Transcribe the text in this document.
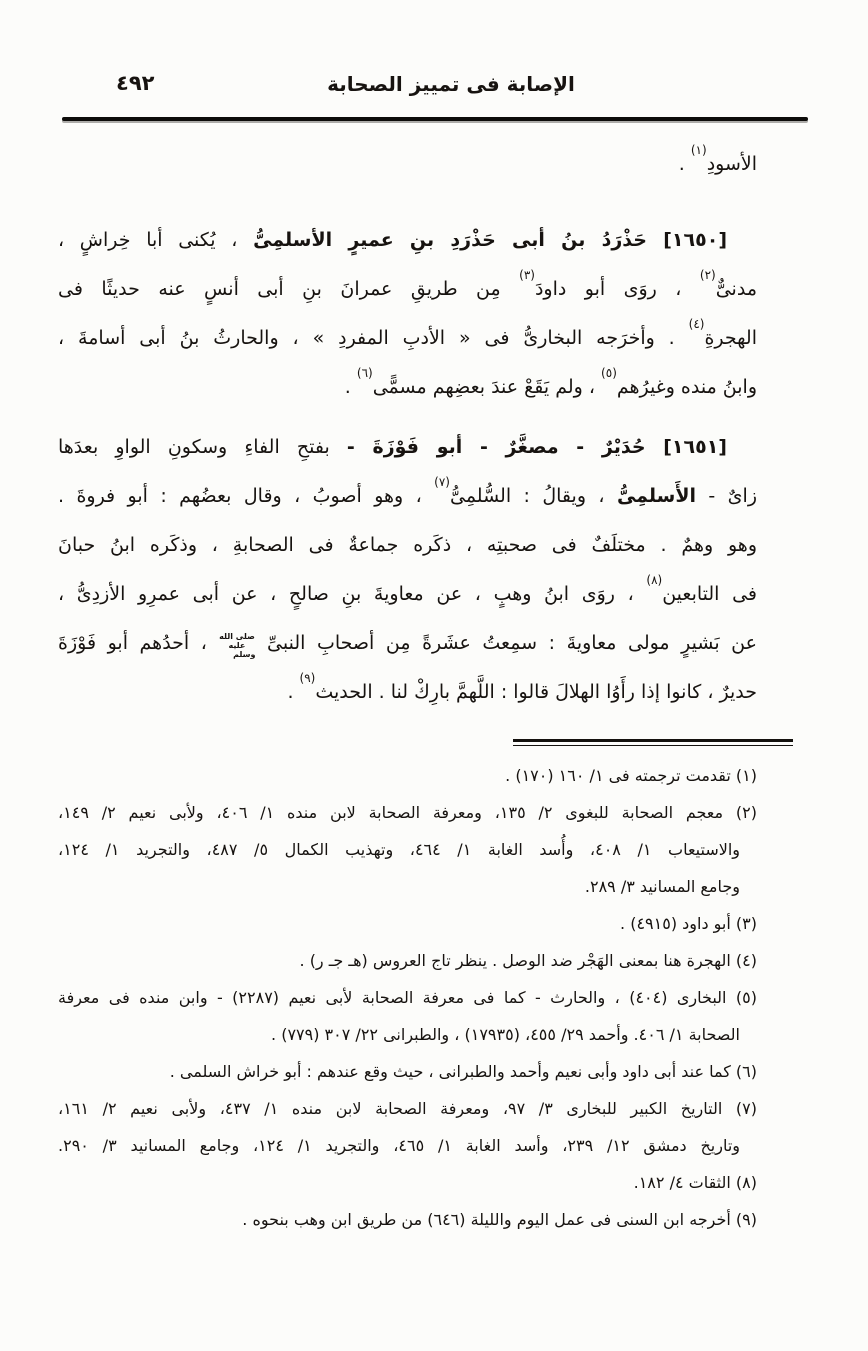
٤٩٢	الإصابة فى تمييز الصحابة
الأسودِ$^{(١)}$ .
[١٦٥٠] حَذْرَدُ بنُ أبى حَذْرَدِ بنِ عميرٍ الأسلمِىُّ ، يُكنى أبا خِراشٍ ،
مدنىٌّ$^{(٢)}$ ، روَى أبو داودَ$^{(٣)}$ مِن طريقِ عمرانَ بنِ أبى أنسٍ عنه حديثًا فى
الهجرةِ$^{(٤)}$ . وأخرَجه البخارىُّ فى « الأدبِ المفردِ » ، والحارثُ بنُ أبى أسامةَ ،
وابنُ منده وغيرُهم$^{(٥)}$ ، ولم يَقَعْ عندَ بعضِهم مسمًّى$^{(٦)}$ .
[١٦٥١] حُدَيْرٌ - مصغَّرٌ - أبو فَوْزَةَ - بفتحِ الفاءِ وسكونِ الواوِ بعدَها
زاىٌ - الأَسلمِىُّ ، ويقالُ : السُّلمِىُّ$^{(٧)}$ ، وهو أصوبُ ، وقال بعضُهم : أبو فروةَ .
وهو وهمٌ . مختلَفٌ فى صحبتِه ، ذكَره جماعةٌ فى الصحابةِ ، وذكَره ابنُ حبانَ
فى التابعين$^{(٨)}$ ، روَى ابنُ وهبٍ ، عن معاويةَ بنِ صالحٍ ، عن أبى عمرِو الأزدِىُّ ،
عن بَشيرٍ مولى معاويةَ : سمِعتُ عشَرةً مِن أصحابِ النبىِّ صلى الله عليه وسلم ، أحدُهم أبو فَوْزَةَ
حديرٌ ، كانوا إذا رأَوُا الهلالَ قالوا : اللَّهمَّ بارِكْ لنا . الحديث$^{(٩)}$ .
(١) تقدمت ترجمته فى ١/ ١٦٠ (١٧٠) .
(٢) معجم الصحابة للبغوى ٢/ ١٣٥، ومعرفة الصحابة لابن منده ١/ ٤٠٦، ولأبى نعيم ٢/ ١٤٩،
والاستيعاب ١/ ٤٠٨، وأُسد الغابة ١/ ٤٦٤، وتهذيب الكمال ٥/ ٤٨٧، والتجريد ١/ ١٢٤،
وجامع المسانيد ٣/ ٢٨٩.
(٣) أبو داود (٤٩١٥) .
(٤) الهجرة هنا بمعنى الهَجْر ضد الوصل . ينظر تاج العروس (هـ جـ ر) .
(٥) البخارى (٤٠٤) ، والحارث - كما فى معرفة الصحابة لأبى نعيم (٢٢٨٧) - وابن منده فى معرفة
الصحابة ١/ ٤٠٦. وأحمد ٢٩/ ٤٥٥، (١٧٩٣٥) ، والطبرانى ٢٢/ ٣٠٧ (٧٧٩) .
(٦) كما عند أبى داود وأبى نعيم وأحمد والطبرانى ، حيث وقع عندهم : أبو خراش السلمى .
(٧) التاريخ الكبير للبخارى ٣/ ٩٧، ومعرفة الصحابة لابن منده ١/ ٤٣٧، ولأبى نعيم ٢/ ١٦١،
وتاريخ دمشق ١٢/ ٢٣٩، وأسد الغابة ١/ ٤٦٥، والتجريد ١/ ١٢٤، وجامع المسانيد ٣/ ٢٩٠.
(٨) الثقات ٤/ ١٨٢.
(٩) أخرجه ابن السنى فى عمل اليوم والليلة (٦٤٦) من طريق ابن وهب بنحوه .
